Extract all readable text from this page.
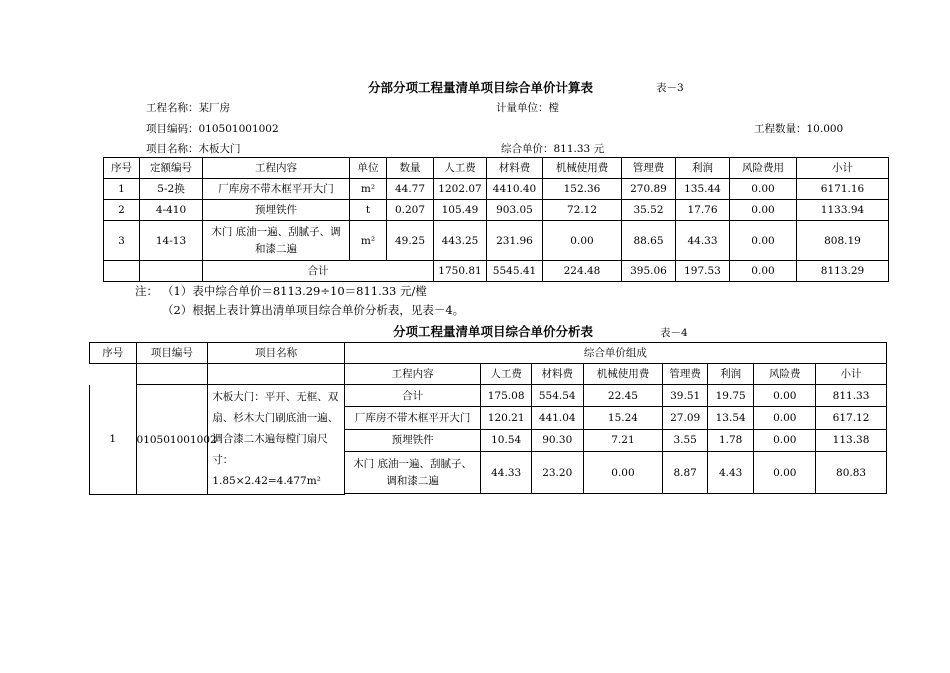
分部分项工程量清单项目综合单价计算表	表－3
工程名称：某厂房	计量单位：樘
项目编码：010501001002	工程数量：10.000
项目名称：木板大门	综合单价：811.33 元
序号	定额编号	工程内容	单位	数量	人工费	材料费	机械使用费	管理费	利润	风险费用	小计
1	5-2换	厂库房不带木框平开大门	m²	44.77	1202.07	4410.40	152.36	270.89	135.44	0.00	6171.16
2	4-410	预埋铁件	t	0.207	105.49	903.05	72.12	35.52	17.76	0.00	1133.94
3	14-13	木门 底油一遍、刮腻子、调和漆二遍	m²	49.25	443.25	231.96	0.00	88.65	44.33	0.00	808.19
		合计			1750.81	5545.41	224.48	395.06	197.53	0.00	8113.29
注： （1）表中综合单价＝8113.29÷10＝811.33 元/樘
（2）根据上表计算出清单项目综合单价分析表，见表－4。
分项工程量清单项目综合单价分析表	表－4
序号	项目编号	项目名称	综合单价组成							
			工程内容	人工费	材料费	机械使用费	管理费	利润	风险费	小计
1	010501001002	木板大门：平开、无框、双扇、杉木大门刷底油一遍、调合漆二木遍每樘门扇尺寸：1.85×2.42=4.477m²	合计	175.08	554.54	22.45	39.51	19.75	0.00	811.33
			厂库房不带木框平开大门	120.21	441.04	15.24	27.09	13.54	0.00	617.12
			预埋铁件	10.54	90.30	7.21	3.55	1.78	0.00	113.38
			木门 底油一遍、刮腻子、调和漆二遍	44.33	23.20	0.00	8.87	4.43	0.00	80.83
